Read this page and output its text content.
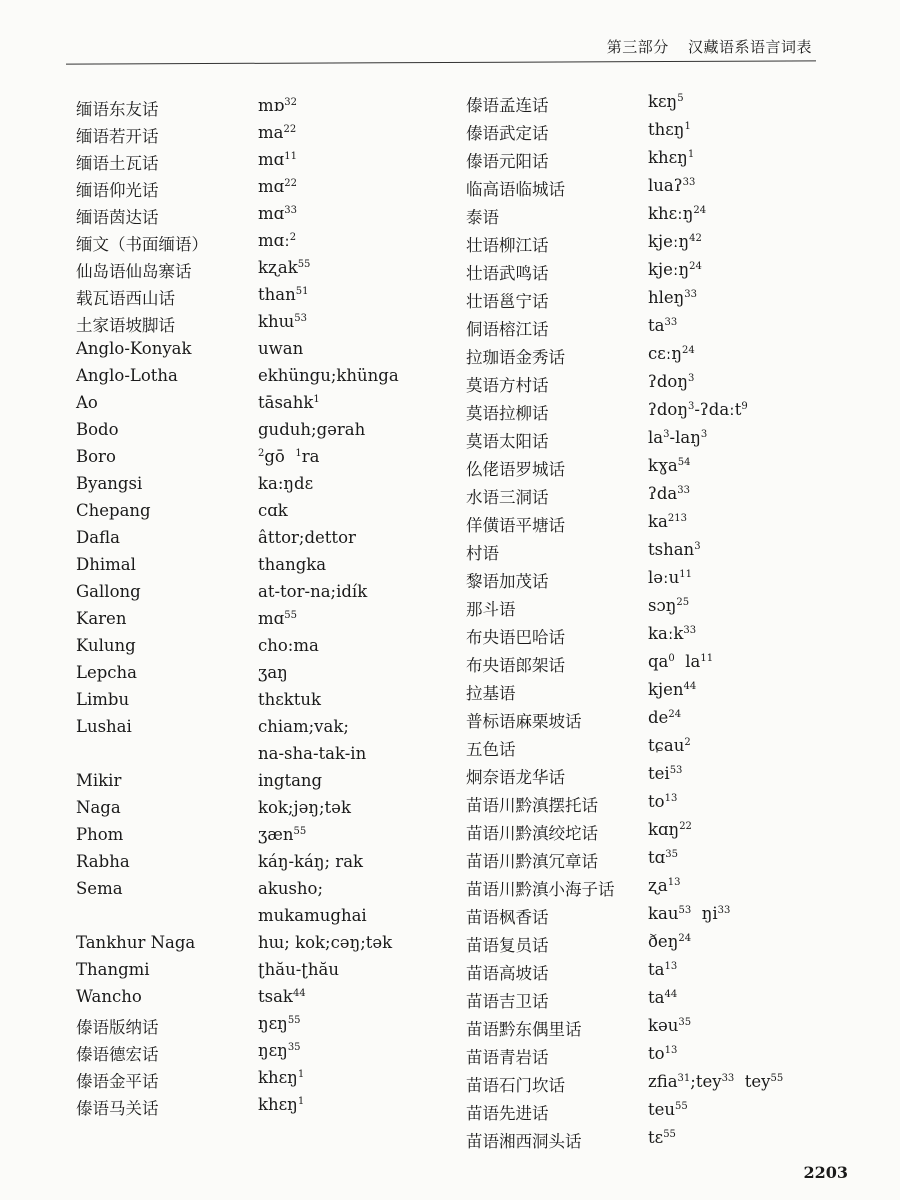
第三部分 汉藏语系语言词表
缅语东友话	mɒ$^{32}$
缅语若开话	$ma^{22}$
缅语土瓦话	mɑ$^{11}$
缅语仰光话	mɑ$^{22}$
缅语茵达话	mɑ$^{33}$
缅文（书面缅语）	mɑː$^2$
仙岛语仙岛寨话	kʐak$^{55}$
载瓦语西山话	than$^{51}$
土家语坡脚话	khɯ$^{53}$
Anglo-Konyak	uwan
Anglo-Lotha	ekhüngu;khünga
Ao	tāsahk$^1$
Bodo	guduh;gərah
Boro	$^2$gō  $^1$ra
Byangsi	ka:ŋdɛ
Chepang	cɑk
Dafla	âttor;dettor
Dhimal	thangka
Gallong	at-tor-na;idík
Karen	mɑ$^{55}$
Kulung	cho:ma
Lepcha	ʒaŋ
Limbu	thɛktuk
Lushai	chiam;vak;
na-sha-tak-in
Mikir	ingtang
Naga	kok;jəŋ;tək
Phom	ʒæn$^{55}$
Rabha	káŋ-káŋ; rak
Sema	akusho;
mukamughai
Tankhur Naga	hɯ; kok;cəŋ;tək
Thangmi	ʈhău-ʈhău
Wancho	tsak$^{44}$
傣语版纳话	ŋɛŋ$^{55}$
傣语德宏话	ŋɛŋ$^{35}$
傣语金平话	khɛŋ$^1$
傣语马关话	khɛŋ$^1$
傣语孟连话	kɛŋ$^5$
傣语武定话	thɛŋ$^1$
傣语元阳话	khɛŋ$^1$
临高语临城话	luaʔ$^{33}$
泰语	khɛːŋ$^{24}$
壮语柳江话	kjeːŋ$^{42}$
壮语武鸣话	kjeːŋ$^{24}$
壮语邕宁话	hleŋ$^{33}$
侗语榕江话	$ta^{33}$
拉珈语金秀话	cɛːŋ$^{24}$
莫语方村话	ʔdoŋ$^3$
莫语拉柳话	ʔdoŋ$^3$-ʔdaːt$^9$
莫语太阳话	$la^3-laŋ^3$
仫佬语罗城话	kɣa$^{54}$
水语三洞话	ʔda$^{33}$
佯僙语平塘话	$ka^{213}$
村语	tshan$^3$
黎语加茂话	ləːu$^{11}$
那斗语	sɔŋ$^{25}$
布央语巴哈话	kaːk$^{33}$
布央语郎架话	$qa^0$  $la^{11}$
拉基语	kjen$^{44}$
普标语麻栗坡话	$de^{24}$
五色话	tɕau$^2$
炯奈语龙华话	tei$^{53}$
苗语川黔滇摆托话	$to^{13}$
苗语川黔滇绞坨话	kɑŋ$^{22}$
苗语川黔滇冗章话	tɑ$^{35}$
苗语川黔滇小海子话	ʐa$^{13}$
苗语枫香话	kau$^{53}$  $ŋi^{33}$
苗语复员话	ðeŋ$^{24}$
苗语高坡话	$ta^{13}$
苗语吉卫话	$ta^{44}$
苗语黔东偶里话	kəu$^{35}$
苗语青岩话	$to^{13}$
苗语石门坎话	zfia$^{31}$;tey$^{33}$  tey$^{55}$
苗语先进话	teu$^{55}$
苗语湘西洞头话	tɛ$^{55}$
2203
